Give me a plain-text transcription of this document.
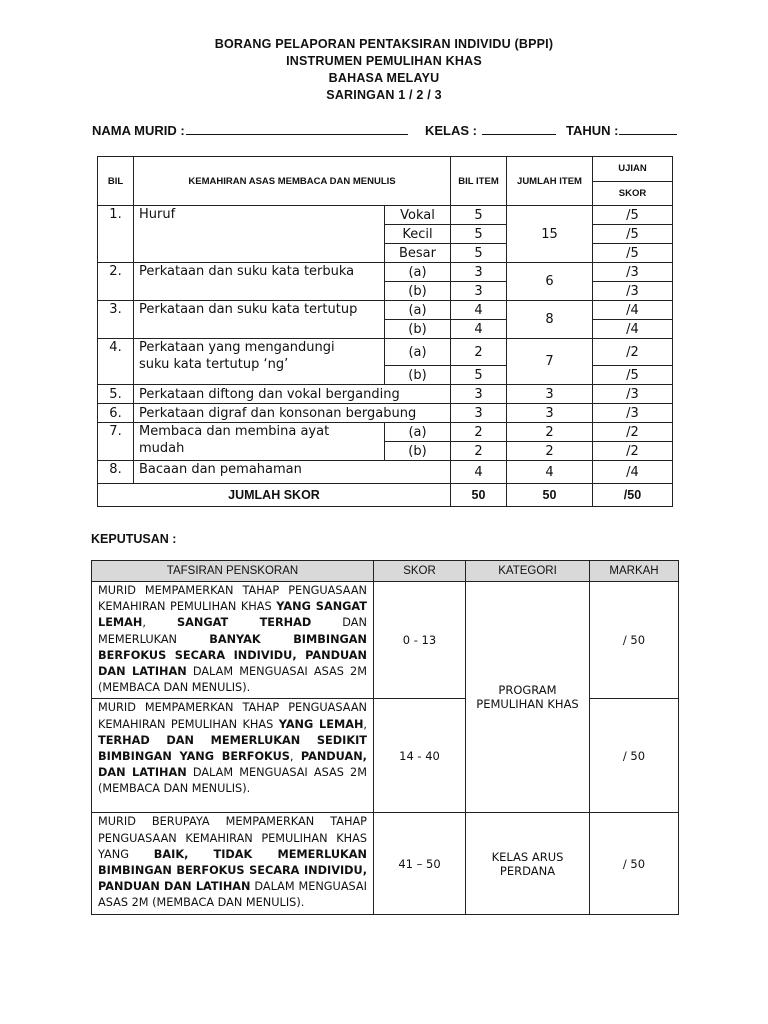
BORANG PELAPORAN PENTAKSIRAN INDIVIDU (BPPI)
INSTRUMEN PEMULIHAN KHAS
BAHASA MELAYU
SARINGAN 1 / 2 / 3
NAMA MURID :	KELAS :	TAHUN :
BIL	KEMAHIRAN ASAS MEMBACA DAN MENULIS		BIL ITEM	JUMLAH ITEM	UJIAN
					SKOR
1.	Huruf	Vokal	5	15	/5
		Kecil	5		/5
		Besar	5		/5
2.	Perkataan dan suku kata terbuka	(a)	3	6	/3
		(b)	3		/3
3.	Perkataan dan suku kata tertutup	(a)	4	8	/4
		(b)	4		/4
4.	Perkataan yang mengandungi
suku kata tertutup ‘ng’	(a)	2	7	/2
		(b)	5		/5
5.	Perkataan diftong dan vokal berganding		3	3	/3
6.	Perkataan digraf dan konsonan bergabung		3	3	/3
7.	Membaca dan membina ayat
mudah	(a)	2	2	/2
		(b)	2	2	/2
8.	Bacaan dan pemahaman		4	4	/4
JUMLAH SKOR			50	50	/50
KEPUTUSAN :
TAFSIRAN PENSKORAN	SKOR	KATEGORI	MARKAH
MURID MEMPAMERKAN TAHAP PENGUASAAN KEMAHIRAN PEMULIHAN KHAS YANG SANGAT LEMAH, SANGAT TERHAD DAN MEMERLUKAN BANYAK BIMBINGAN BERFOKUS SECARA INDIVIDU, PANDUAN DAN LATIHAN DALAM MENGUASAI ASAS 2M (MEMBACA DAN MENULIS).	0 - 13	PROGRAM PEMULIHAN KHAS	/ 50
MURID MEMPAMERKAN TAHAP PENGUASAAN KEMAHIRAN PEMULIHAN KHAS YANG LEMAH, TERHAD DAN MEMERLUKAN SEDIKIT BIMBINGAN YANG BERFOKUS, PANDUAN, DAN LATIHAN DALAM MENGUASAI ASAS 2M (MEMBACA DAN MENULIS).	14 - 40		/ 50
MURID BERUPAYA MEMPAMERKAN TAHAP PENGUASAAN KEMAHIRAN PEMULIHAN KHAS YANG BAIK, TIDAK MEMERLUKAN BIMBINGAN BERFOKUS SECARA INDIVIDU, PANDUAN DAN LATIHAN DALAM MENGUASAI ASAS 2M (MEMBACA DAN MENULIS).	41 – 50	KELAS ARUS PERDANA	/ 50
